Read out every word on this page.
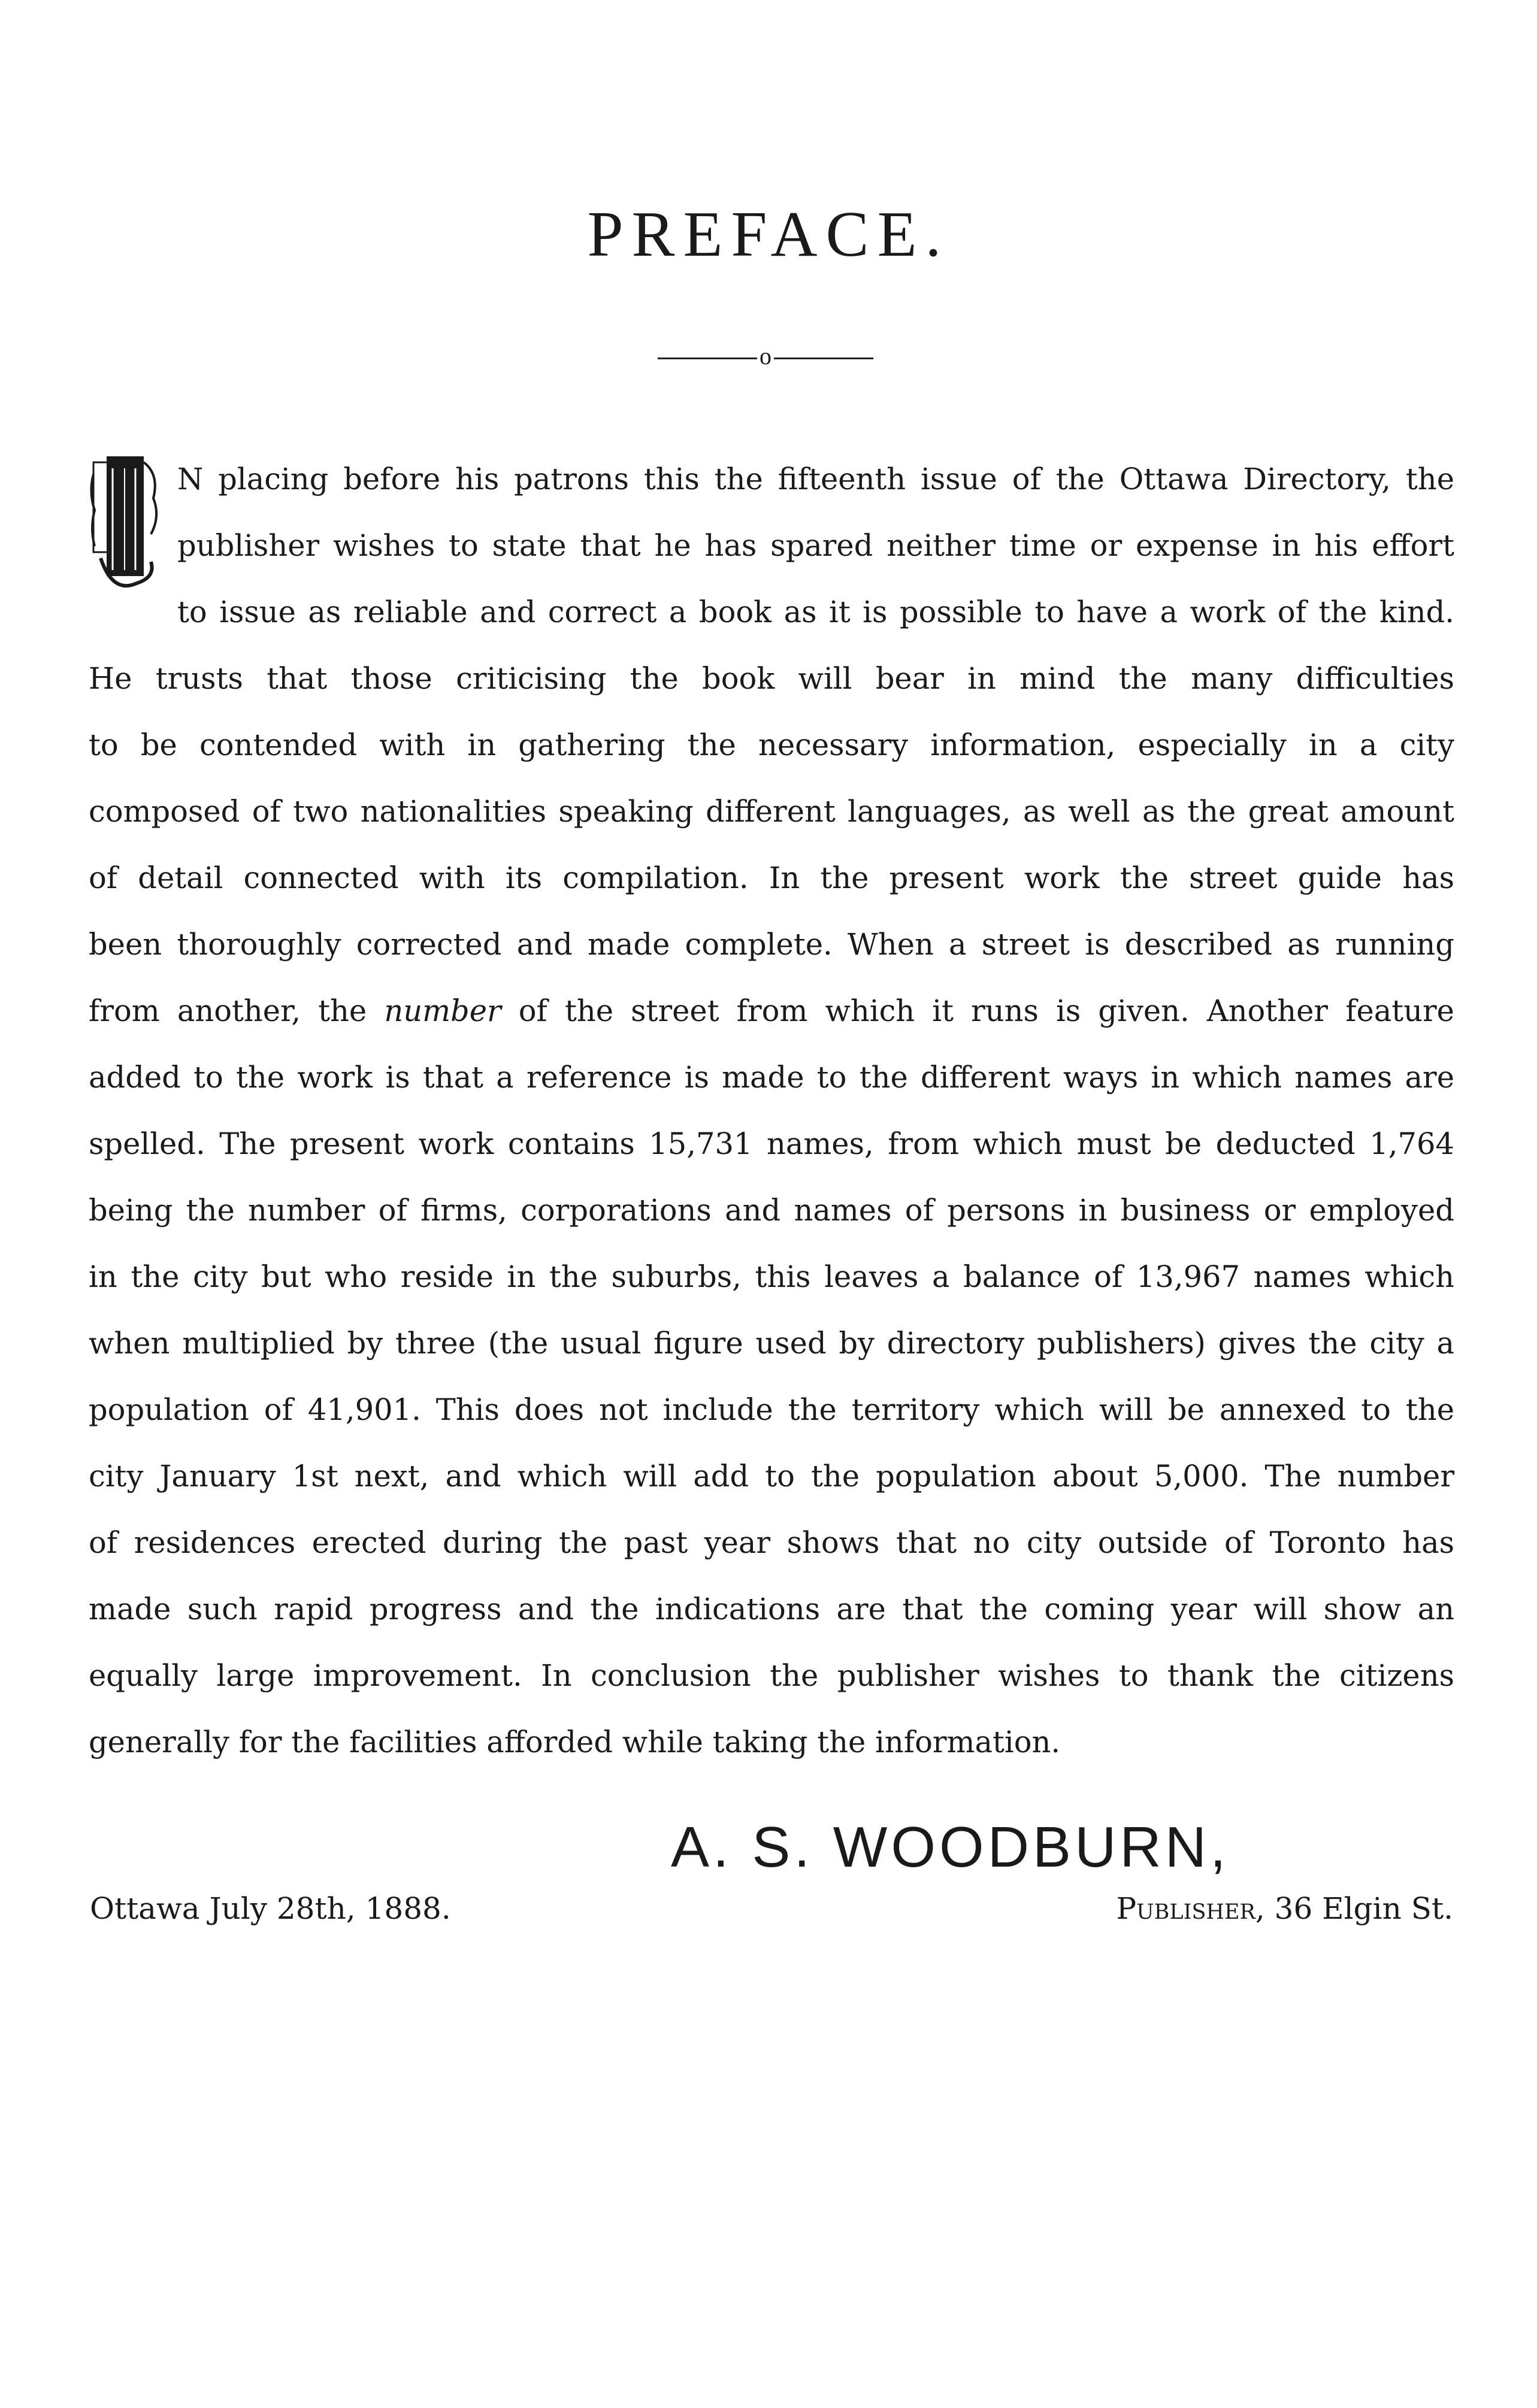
PREFACE.
o
N placing before his patrons this the fifteenth issue of the Ottawa Directory, the
publisher wishes to state that he has spared neither time or expense in his effort
to issue as reliable and correct a book as it is possible to have a work of the kind.
He trusts that those criticising the book will bear in mind the many difficulties
to be contended with in gathering the necessary information, especially in a city
composed of two nationalities speaking different languages, as well as the great amount
of detail connected with its compilation. In the present work the street guide has
been thoroughly corrected and made complete. When a street is described as running
from another, the number of the street from which it runs is given. Another feature
added to the work is that a reference is made to the different ways in which names are
spelled. The present work contains 15,731 names, from which must be deducted 1,764
being the number of firms, corporations and names of persons in business or employed
in the city but who reside in the suburbs, this leaves a balance of 13,967 names which
when multiplied by three (the usual figure used by directory publishers) gives the city a
population of 41,901. This does not include the territory which will be annexed to the
city January 1st next, and which will add to the population about 5,000. The number
of residences erected during the past year shows that no city outside of Toronto has
made such rapid progress and the indications are that the coming year will show an
equally large improvement. In conclusion the publisher wishes to thank the citizens
generally for the facilities afforded while taking the information.
A. S. WOODBURN,
Ottawa July 28th, 1888.	Publisher, 36 Elgin St.
